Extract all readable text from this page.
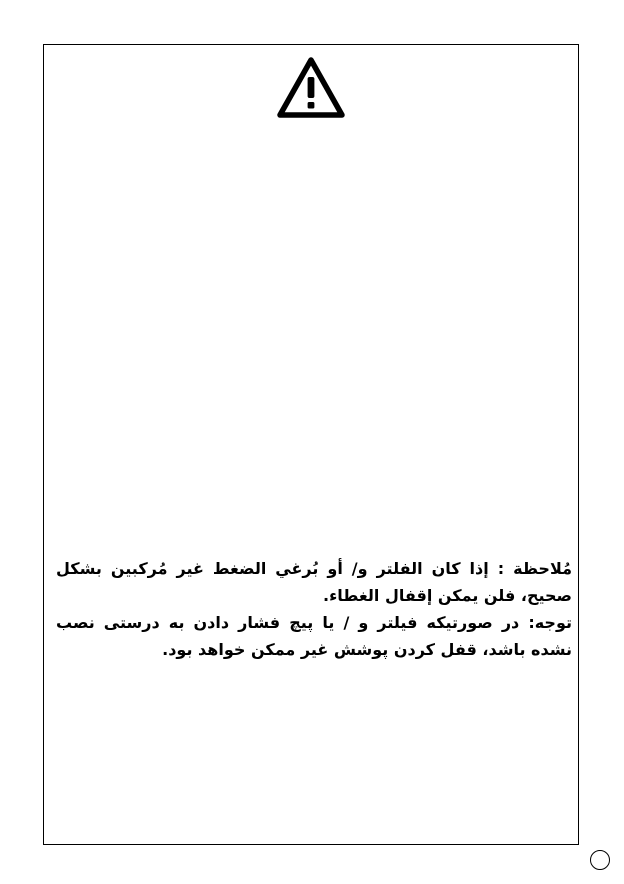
مُلاحظة : إذا كان الفلتر و/ أو بُرغي الضغط غير مُركبين بشكل صحيح، فلن يمكن إقفال الغطاء.

توجه: در صورتیکه فیلتر و / یا پیچ فشار دادن به درستی نصب نشده باشد، قفل کردن پوشش غیر ممکن خواهد بود.
